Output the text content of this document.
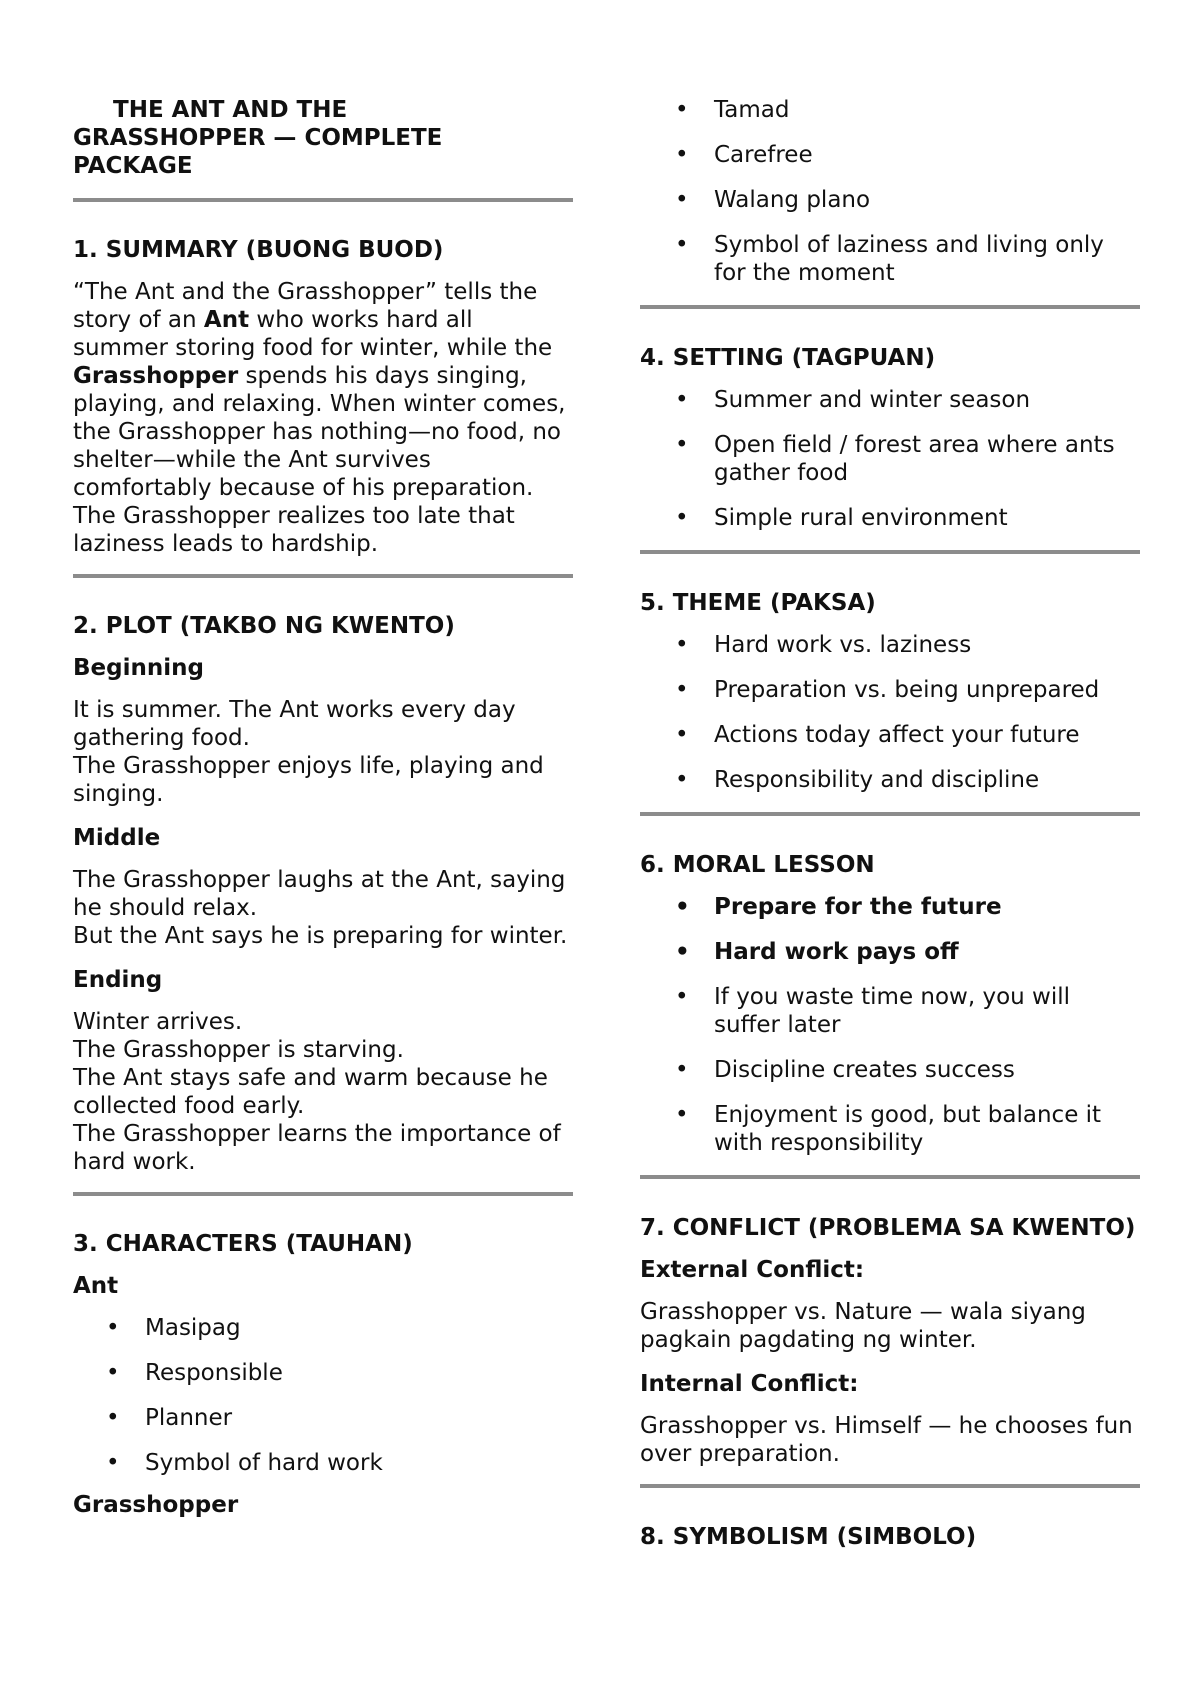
THE ANT AND THE
GRASSHOPPER — COMPLETE
PACKAGE
1. SUMMARY (BUONG BUOD)

“The Ant and the Grasshopper” tells the story of an Ant who works hard all summer storing food for winter, while the Grasshopper spends his days singing, playing, and relaxing. When winter comes, the Grasshopper has nothing—no food, no shelter—while the Ant survives comfortably because of his preparation. The Grasshopper realizes too late that laziness leads to hardship.

2. PLOT (TAKBO NG KWENTO)
Beginning

It is summer. The Ant works every day gathering food.

The Grasshopper enjoys life, playing and singing.

Middle

The Grasshopper laughs at the Ant, saying he should relax.

But the Ant says he is preparing for winter.

Ending

Winter arrives.

The Grasshopper is starving.

The Ant stays safe and warm because he collected food early.

The Grasshopper learns the importance of hard work.

3. CHARACTERS (TAUHAN)
Ant
• Masipag
• Responsible
• Planner
• Symbol of hard work
Grasshopper
• Tamad
• Carefree
• Walang plano
• Symbol of laziness and living only for the moment
4. SETTING (TAGPUAN)
• Summer and winter season
• Open field / forest area where ants gather food
• Simple rural environment
5. THEME (PAKSA)
• Hard work vs. laziness
• Preparation vs. being unprepared
• Actions today affect your future
• Responsibility and discipline
6. MORAL LESSON
• Prepare for the future
• Hard work pays off
• If you waste time now, you will suffer later
• Discipline creates success
• Enjoyment is good, but balance it with responsibility
7. CONFLICT (PROBLEMA SA KWENTO)
External Conflict:

Grasshopper vs. Nature — wala siyang pagkain pagdating ng winter.

Internal Conflict:

Grasshopper vs. Himself — he chooses fun over preparation.

8. SYMBOLISM (SIMBOLO)
